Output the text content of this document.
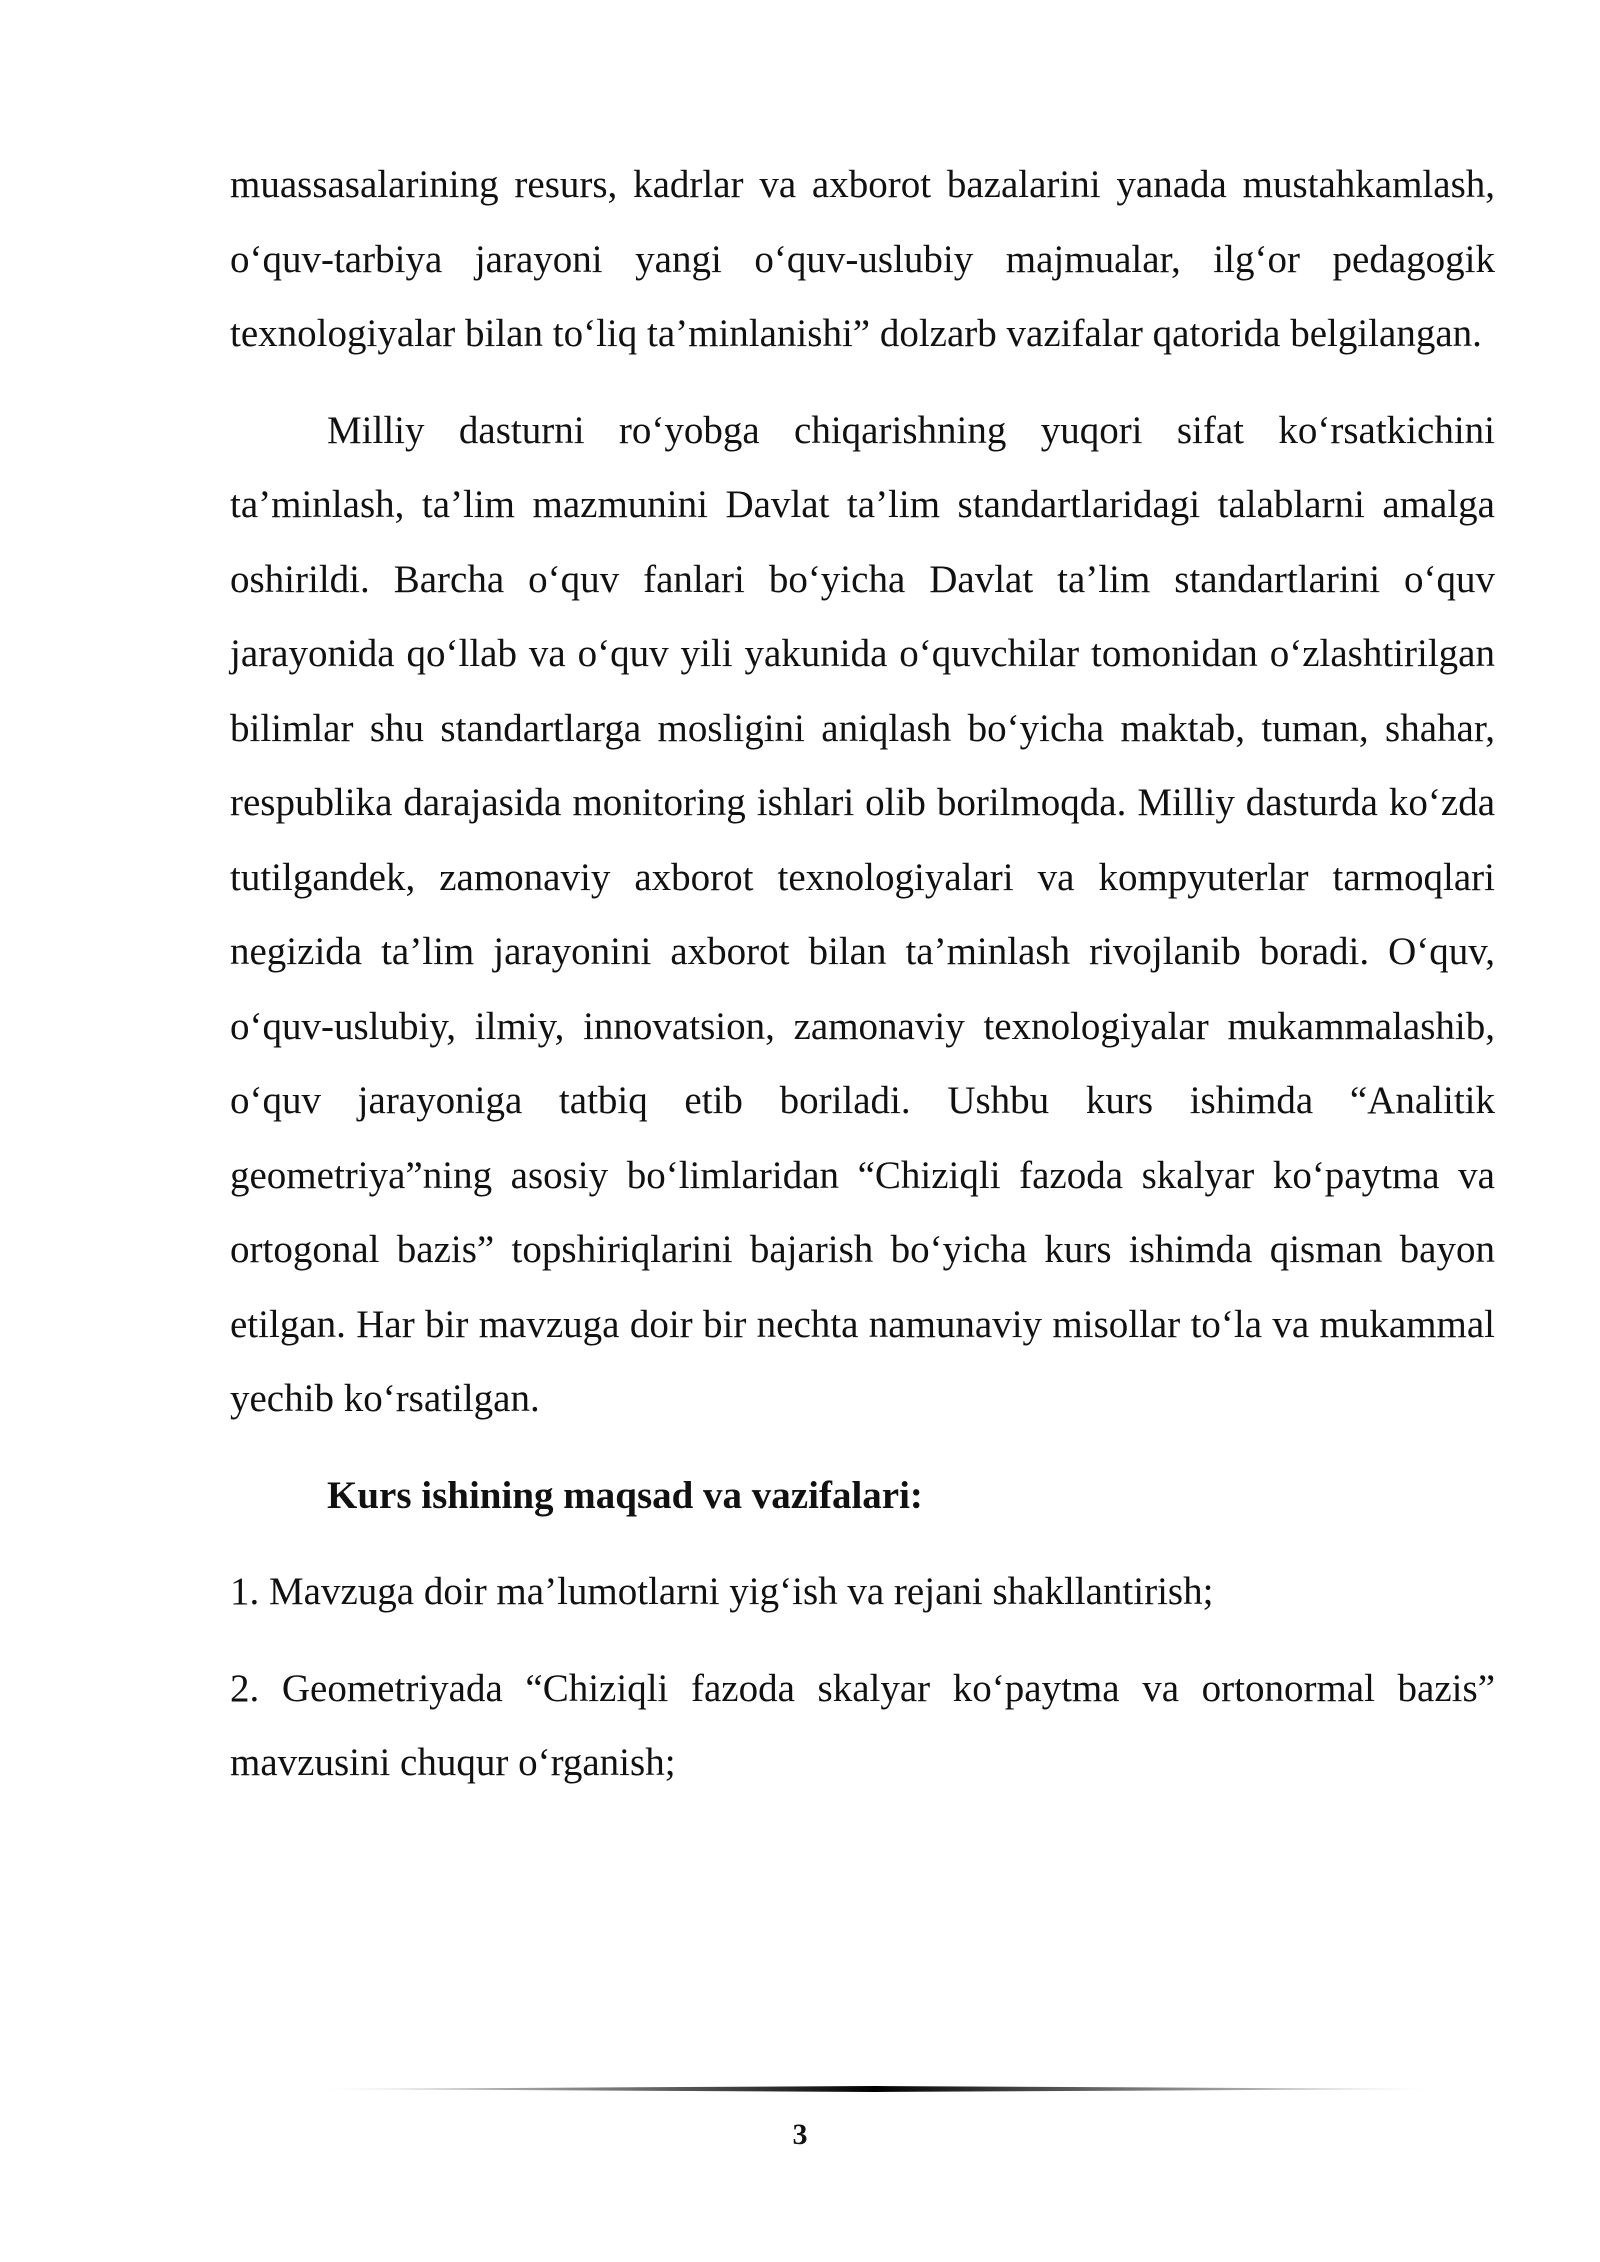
muassasalarining resurs, kadrlar va axborot bazalarini yanada mustahkamlash, o‘quv-tarbiya jarayoni yangi o‘quv-uslubiy majmualar, ilg‘or pedagogik texnologiyalar bilan to‘liq ta’minlanishi” dolzarb vazifalar qatorida belgilangan.

Milliy dasturni ro‘yobga chiqarishning yuqori sifat ko‘rsatkichini ta’minlash, ta’lim mazmunini Davlat ta’lim standartlaridagi talablarni amalga oshirildi. Barcha o‘quv fanlari bo‘yicha Davlat ta’lim standartlarini o‘quv jarayonida qo‘llab va o‘quv yili yakunida o‘quvchilar tomonidan o‘zlashtirilgan bilimlar shu standartlarga mosligini aniqlash bo‘yicha maktab, tuman, shahar, respublika darajasida monitoring ishlari olib borilmoqda. Milliy dasturda ko‘zda tutilgandek, zamonaviy axborot texnologiyalari va kompyuterlar tarmoqlari negizida ta’lim jarayonini axborot bilan ta’minlash rivojlanib boradi. O‘quv, o‘quv-uslubiy, ilmiy, innovatsion, zamonaviy texnologiyalar mukammalashib, o‘quv jarayoniga tatbiq etib boriladi. Ushbu kurs ishimda “Analitik geometriya”ning asosiy bo‘limlaridan “Chiziqli fazoda skalyar ko‘paytma va ortogonal bazis” topshiriqlarini bajarish bo‘yicha kurs ishimda qisman bayon etilgan. Har bir mavzuga doir bir nechta namunaviy misollar to‘la va mukammal yechib ko‘rsatilgan.

Kurs ishining maqsad va vazifalari:

1. Mavzuga doir ma’lumotlarni yig‘ish va rejani shakllantirish;

2. Geometriyada “Chiziqli fazoda skalyar ko‘paytma va ortonormal bazis” mavzusini chuqur o‘rganish;

3
